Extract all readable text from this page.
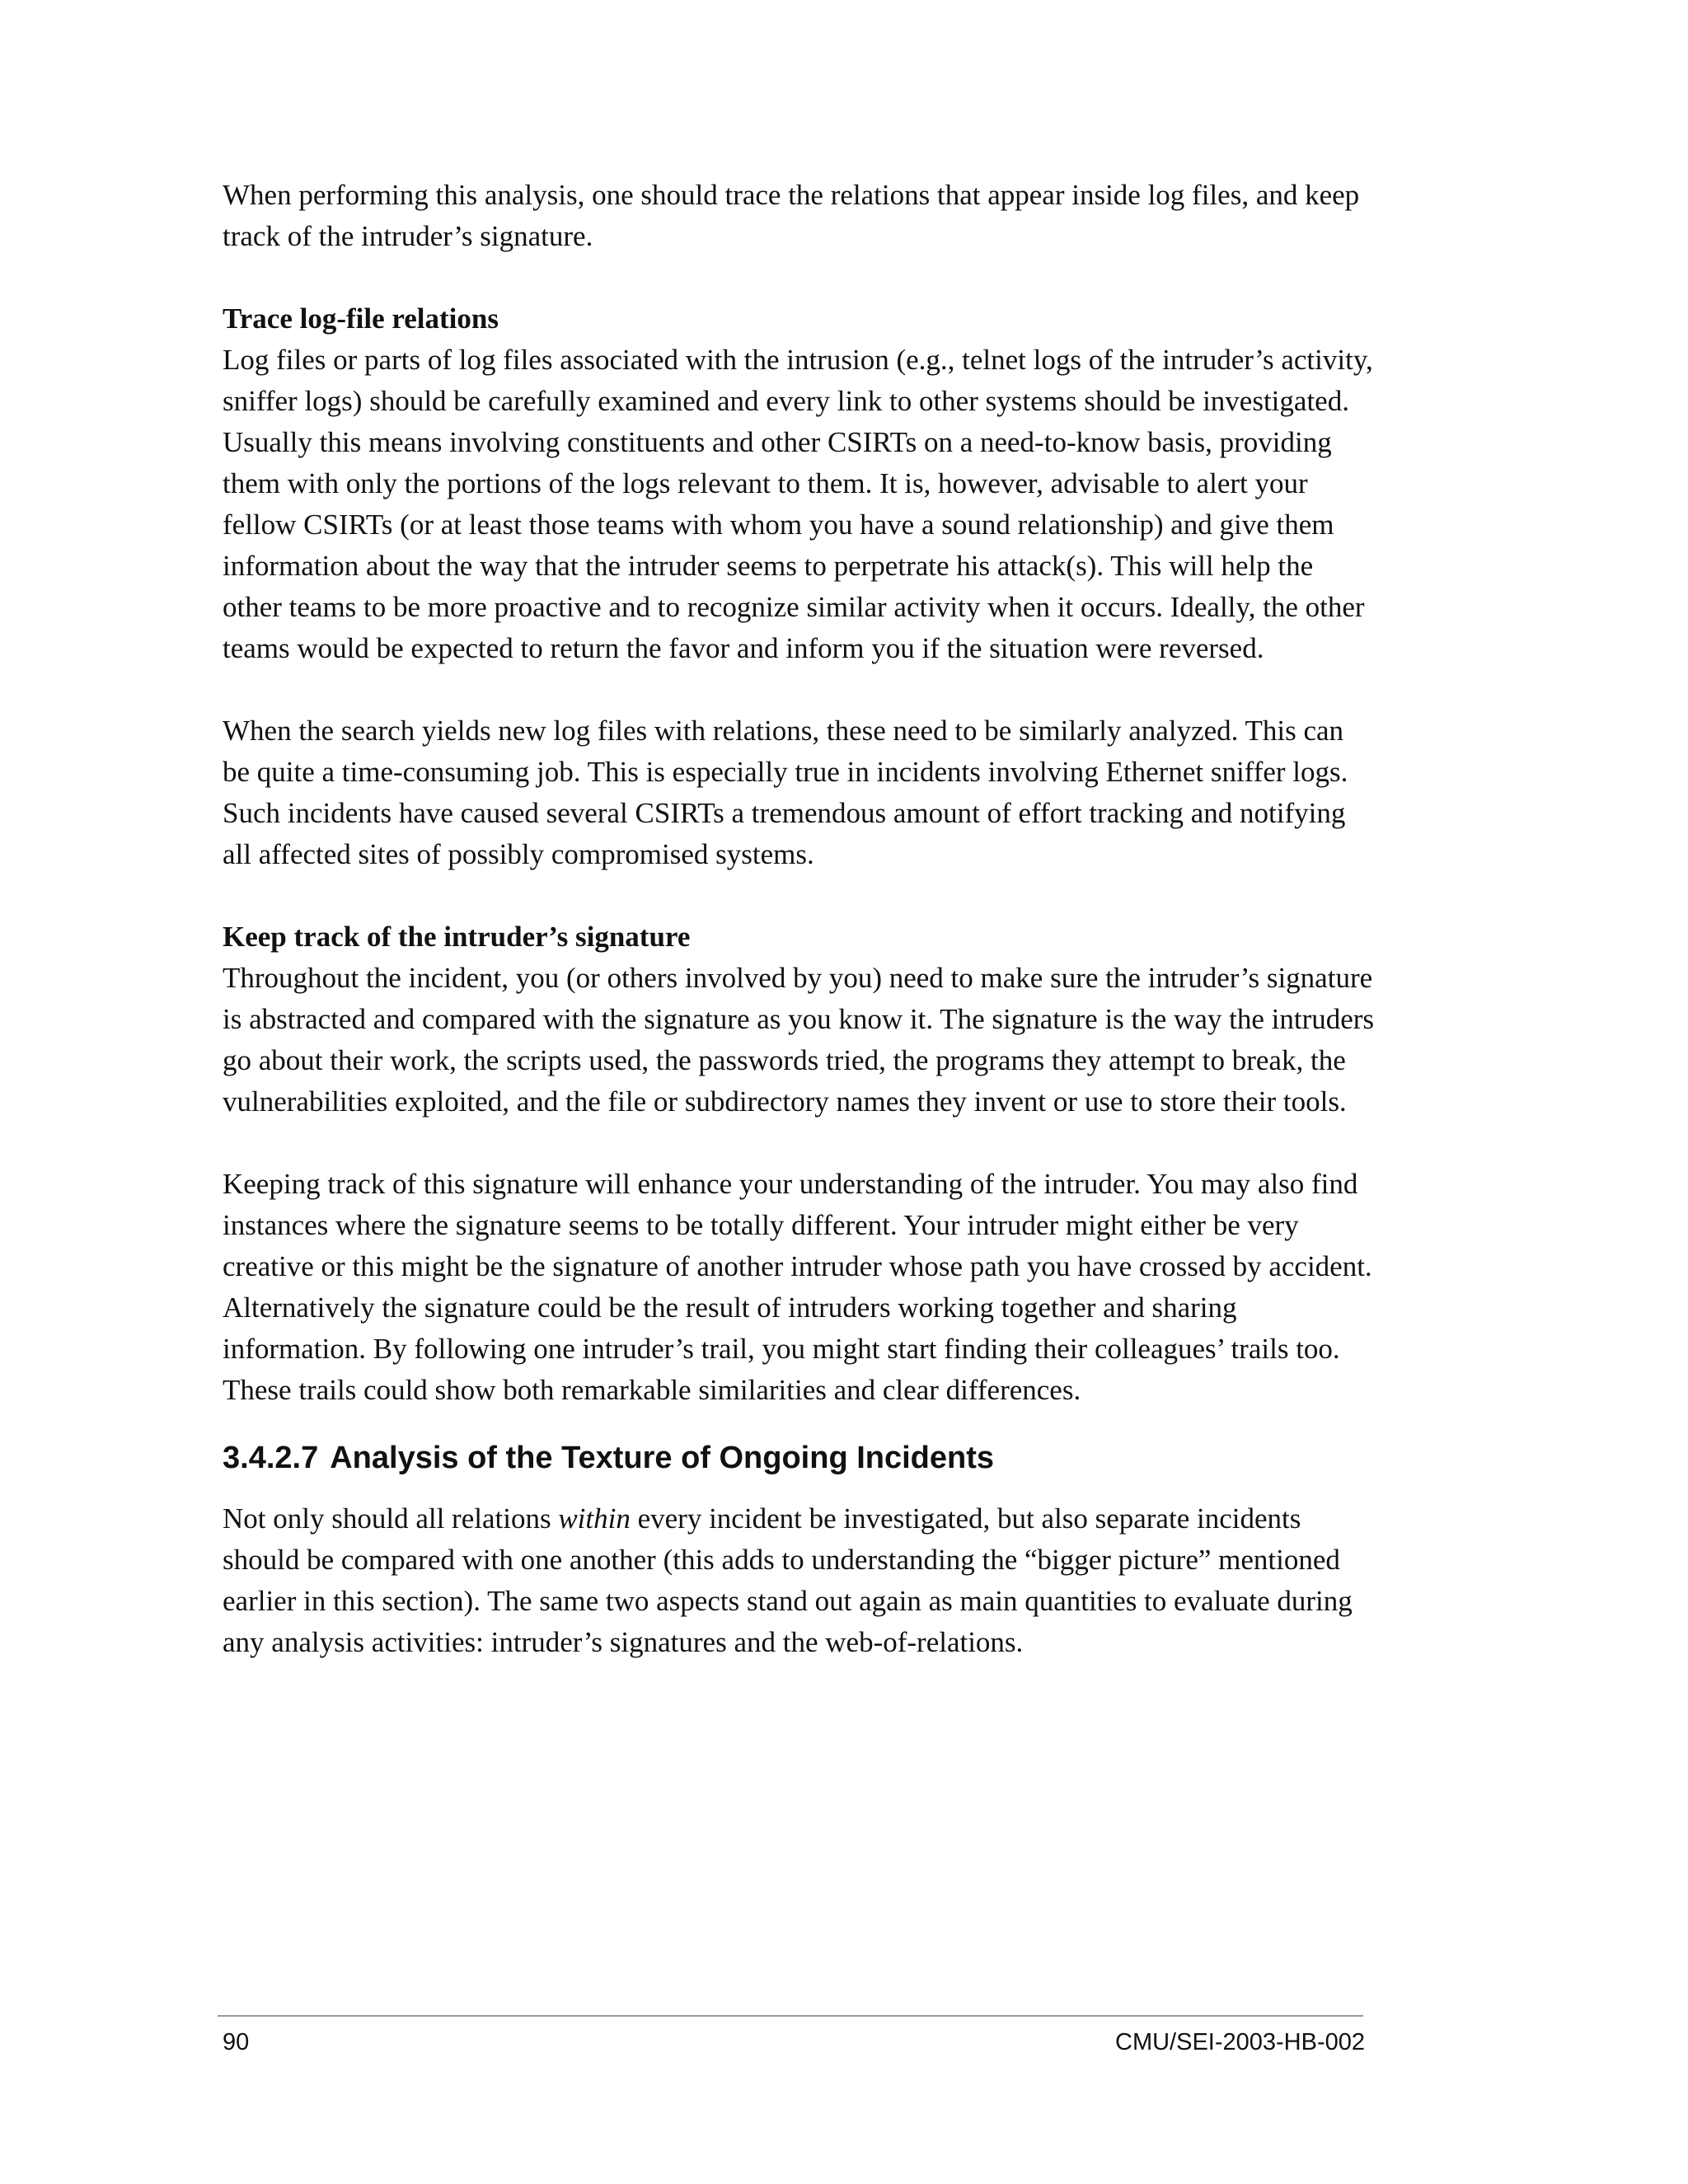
When performing this analysis, one should trace the relations that appear inside log files, and keep track of the intruder’s signature.

Trace log-file relations

Log files or parts of log files associated with the intrusion (e.g., telnet logs of the intruder’s activity, sniffer logs) should be carefully examined and every link to other systems should be investigated. Usually this means involving constituents and other CSIRTs on a need-to-know basis, providing them with only the portions of the logs relevant to them. It is, however, advisable to alert your fellow CSIRTs (or at least those teams with whom you have a sound relationship) and give them information about the way that the intruder seems to perpetrate his attack(s). This will help the other teams to be more proactive and to recognize similar activity when it occurs. Ideally, the other teams would be expected to return the favor and inform you if the situation were reversed.

When the search yields new log files with relations, these need to be similarly analyzed. This can be quite a time-consuming job. This is especially true in incidents involving Ethernet sniffer logs. Such incidents have caused several CSIRTs a tremendous amount of effort tracking and notifying all affected sites of possibly compromised systems.

Keep track of the intruder’s signature

Throughout the incident, you (or others involved by you) need to make sure the intruder’s signature is abstracted and compared with the signature as you know it. The signature is the way the intruders go about their work, the scripts used, the passwords tried, the programs they attempt to break, the vulnerabilities exploited, and the file or subdirectory names they invent or use to store their tools.

Keeping track of this signature will enhance your understanding of the intruder. You may also find instances where the signature seems to be totally different. Your intruder might either be very creative or this might be the signature of another intruder whose path you have crossed by accident. Alternatively the signature could be the result of intruders working together and sharing information. By following one intruder’s trail, you might start finding their colleagues’ trails too. These trails could show both remarkable similarities and clear differences.

3.4.2.7 Analysis of the Texture of Ongoing Incidents

Not only should all relations within every incident be investigated, but also separate incidents should be compared with one another (this adds to understanding the “bigger picture” mentioned earlier in this section). The same two aspects stand out again as main quantities to evaluate during any analysis activities: intruder’s signatures and the web-of-relations.

90	CMU/SEI-2003-HB-002
